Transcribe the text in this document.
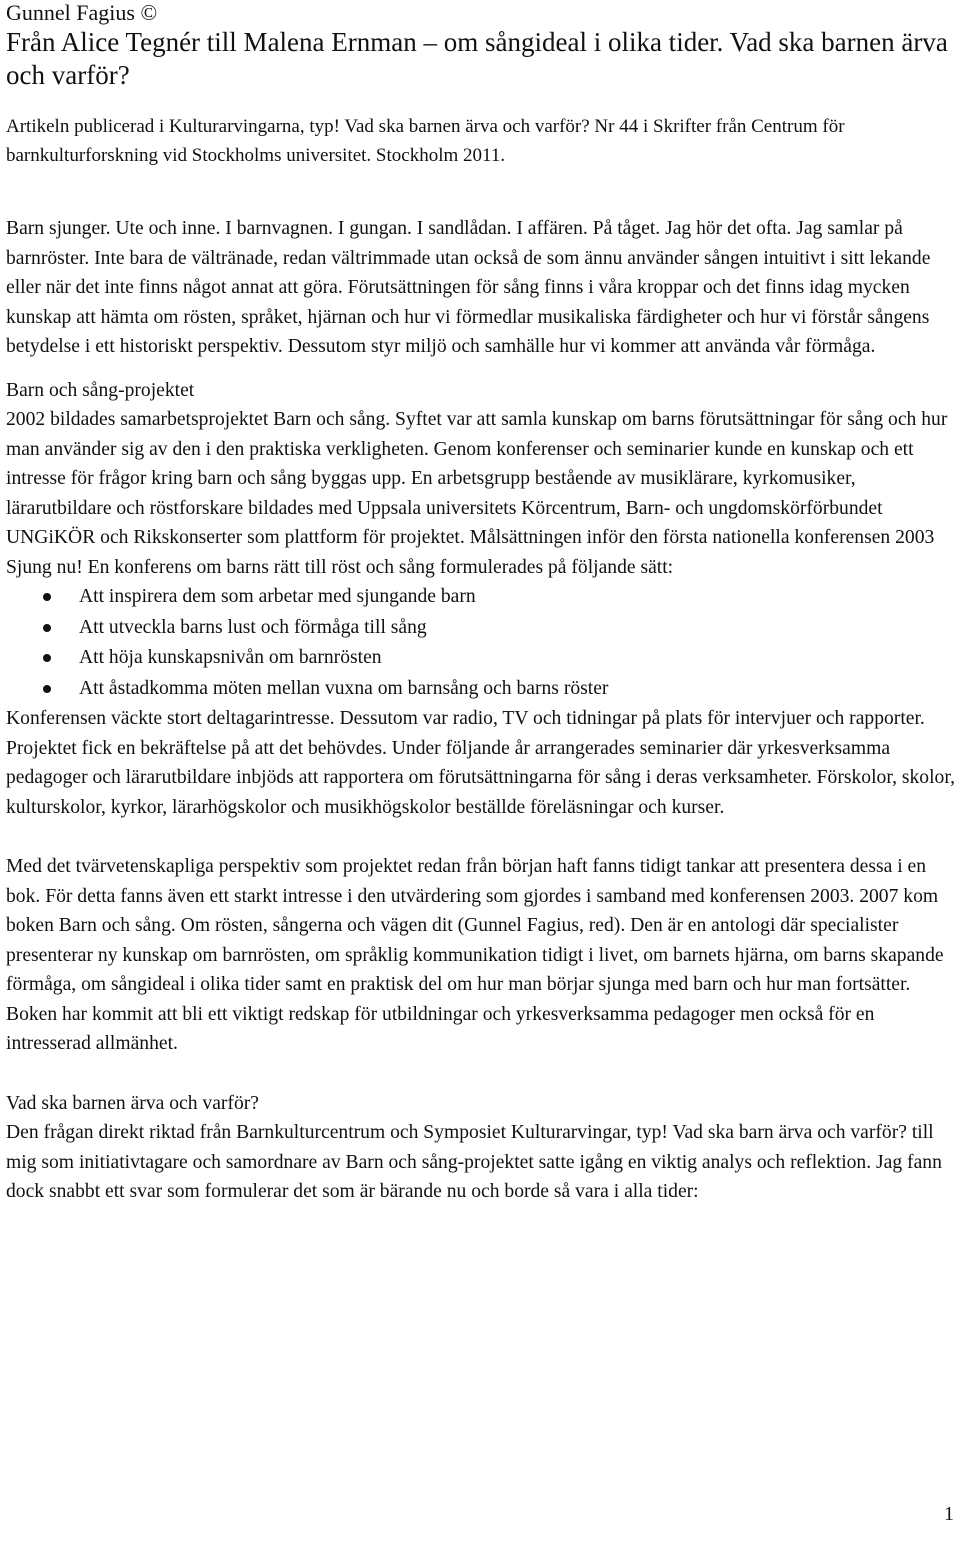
Gunnel Fagius ©
Från Alice Tegnér till Malena Ernman – om sångideal i olika tider. Vad ska barnen ärva och varför?

Artikeln publicerad i Kulturarvingarna, typ! Vad ska barnen ärva och varför? Nr 44 i Skrifter från Centrum för barnkulturforskning vid Stockholms universitet. Stockholm 2011.

Barn sjunger. Ute och inne. I barnvagnen. I gungan. I sandlådan. I affären. På tåget. Jag hör det ofta. Jag samlar på barnröster. Inte bara de vältränade, redan vältrimmade utan också de som ännu använder sången intuitivt i sitt lekande eller när det inte finns något annat att göra. Förutsättningen för sång finns i våra kroppar och det finns idag mycken kunskap att hämta om rösten, språket, hjärnan och hur vi förmedlar musikaliska färdigheter och hur vi förstår sångens betydelse i ett historiskt perspektiv. Dessutom styr miljö och samhälle hur vi kommer att använda vår förmåga.

Barn och sång-projektet

2002 bildades samarbetsprojektet Barn och sång. Syftet var att samla kunskap om barns förutsättningar för sång och hur man använder sig av den i den praktiska verkligheten. Genom konferenser och seminarier kunde en kunskap och ett intresse för frågor kring barn och sång byggas upp. En arbetsgrupp bestående av musiklärare, kyrkomusiker, lärarutbildare och röstforskare bildades med Uppsala universitets Körcentrum, Barn- och ungdomskörförbundet UNGiKÖR och Rikskonserter som plattform för projektet. Målsättningen inför den första nationella konferensen 2003 Sjung nu! En konferens om barns rätt till röst och sång formulerades på följande sätt:

Att inspirera dem som arbetar med sjungande barn
Att utveckla barns lust och förmåga till sång
Att höja kunskapsnivån om barnrösten
Att åstadkomma möten mellan vuxna om barnsång och barns röster

Konferensen väckte stort deltagarintresse. Dessutom var radio, TV och tidningar på plats för intervjuer och rapporter. Projektet fick en bekräftelse på att det behövdes. Under följande år arrangerades seminarier där yrkesverksamma pedagoger och lärarutbildare inbjöds att rapportera om förutsättningarna för sång i deras verksamheter. Förskolor, skolor, kulturskolor, kyrkor, lärarhögskolor och musikhögskolor beställde föreläsningar och kurser.

Med det tvärvetenskapliga perspektiv som projektet redan från början haft fanns tidigt tankar att presentera dessa i en bok. För detta fanns även ett starkt intresse i den utvärdering som gjordes i samband med konferensen 2003. 2007 kom boken Barn och sång. Om rösten, sångerna och vägen dit (Gunnel Fagius, red). Den är en antologi där specialister presenterar ny kunskap om barnrösten, om språklig kommunikation tidigt i livet, om barnets hjärna, om barns skapande förmåga, om sångideal i olika tider samt en praktisk del om hur man börjar sjunga med barn och hur man fortsätter. Boken har kommit att bli ett viktigt redskap för utbildningar och yrkesverksamma pedagoger men också för en intresserad allmänhet.

Vad ska barnen ärva och varför?

Den frågan direkt riktad från Barnkulturcentrum och Symposiet Kulturarvingar, typ! Vad ska barn ärva och varför? till mig som initiativtagare och samordnare av Barn och sång-projektet satte igång en viktig analys och reflektion. Jag fann dock snabbt ett svar som formulerar det som är bärande nu och borde så vara i alla tider:

1
